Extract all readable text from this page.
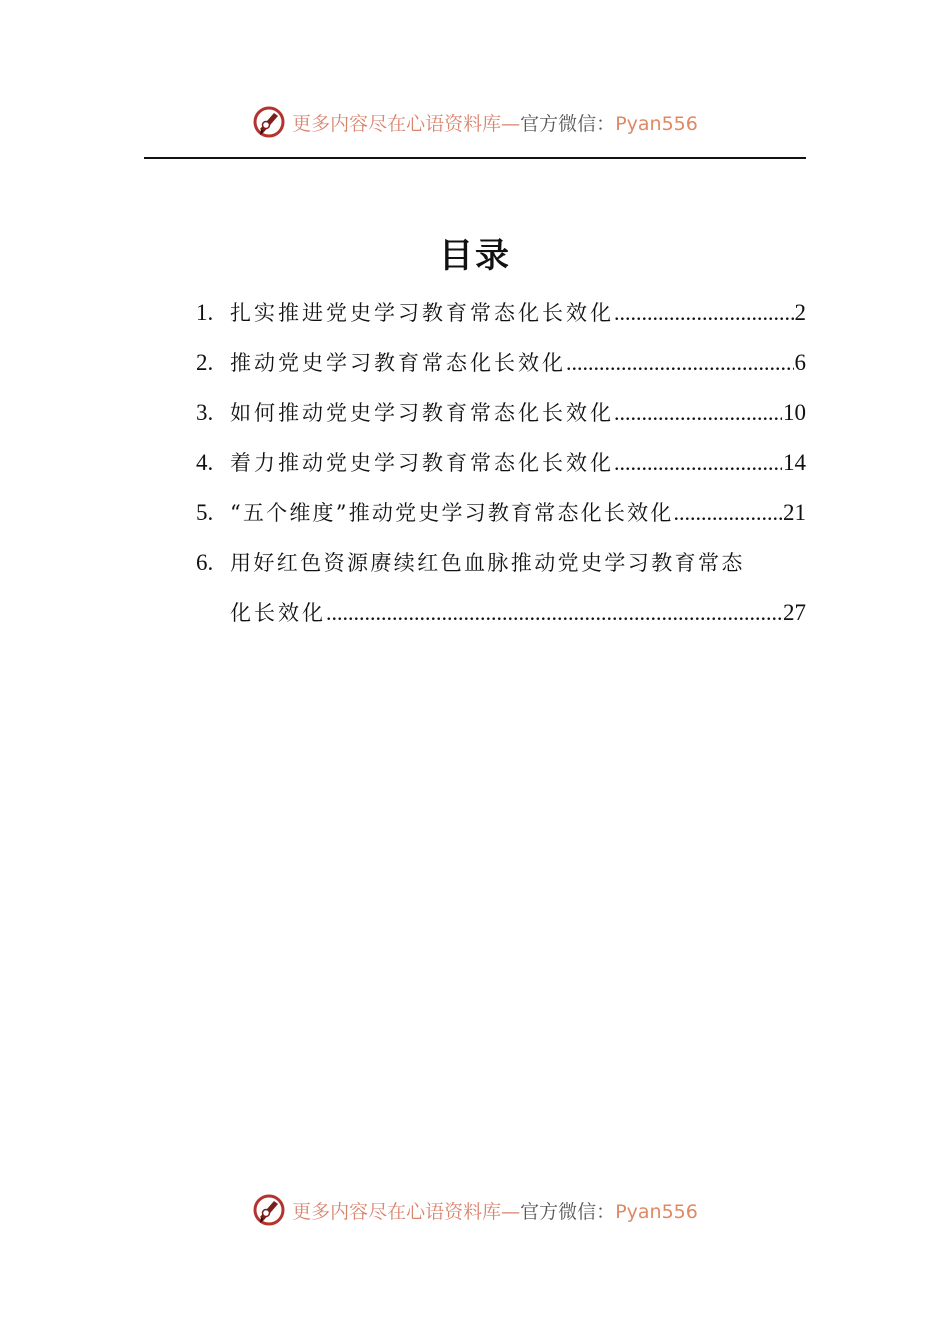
更多内容尽在心语资料库—官方微信：Pyan556
目录
1. 扎实推进党史学习教育常态化长效化 .....	2
2. 推动党史学习教育常态化长效化 .....	6
3. 如何推动党史学习教育常态化长效化 .....	10
4. 着力推动党史学习教育常态化长效化 .....	14
5. “五个维度”推动党史学习教育常态化长效化 .....	21
6. 用好红色资源赓续红色血脉推动党史学习教育常态
化长效化 .....	27
更多内容尽在心语资料库—官方微信：Pyan556
